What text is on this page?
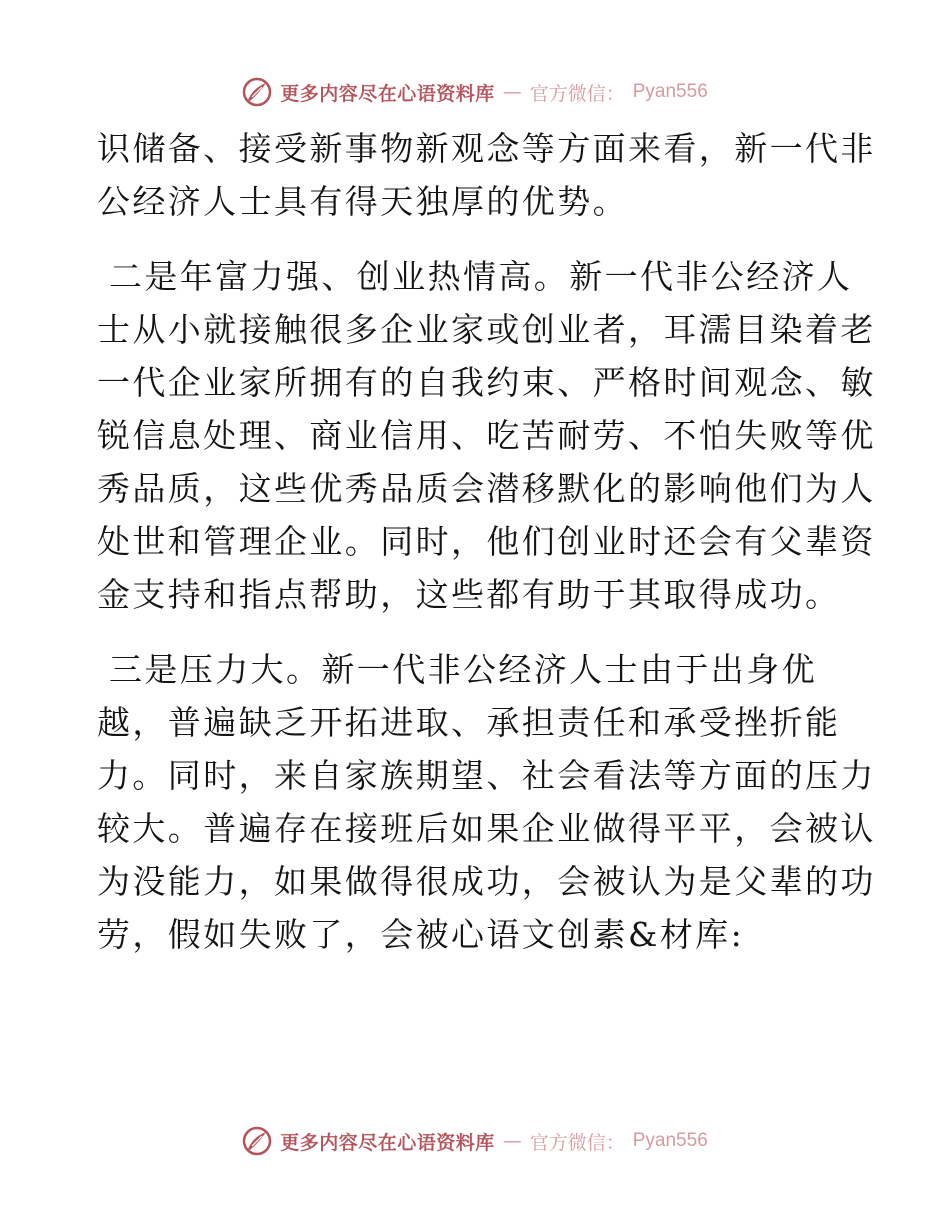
更多内容尽在心语资料库 — 官方微信： Pyan556
识储备、接受新事物新观念等方面来看，新一代非
公经济人士具有得天独厚的优势。
二是年富力强、创业热情高。新一代非公经济人
士从小就接触很多企业家或创业者，耳濡目染着老
一代企业家所拥有的自我约束、严格时间观念、敏
锐信息处理、商业信用、吃苦耐劳、不怕失败等优
秀品质，这些优秀品质会潜移默化的影响他们为人
处世和管理企业。同时，他们创业时还会有父辈资
金支持和指点帮助，这些都有助于其取得成功。
三是压力大。新一代非公经济人士由于出身优
越，普遍缺乏开拓进取、承担责任和承受挫折能
力。同时，来自家族期望、社会看法等方面的压力
较大。普遍存在接班后如果企业做得平平，会被认
为没能力，如果做得很成功，会被认为是父辈的功
劳，假如失败了，会被心语文创素&材库:
更多内容尽在心语资料库 — 官方微信： Pyan556
